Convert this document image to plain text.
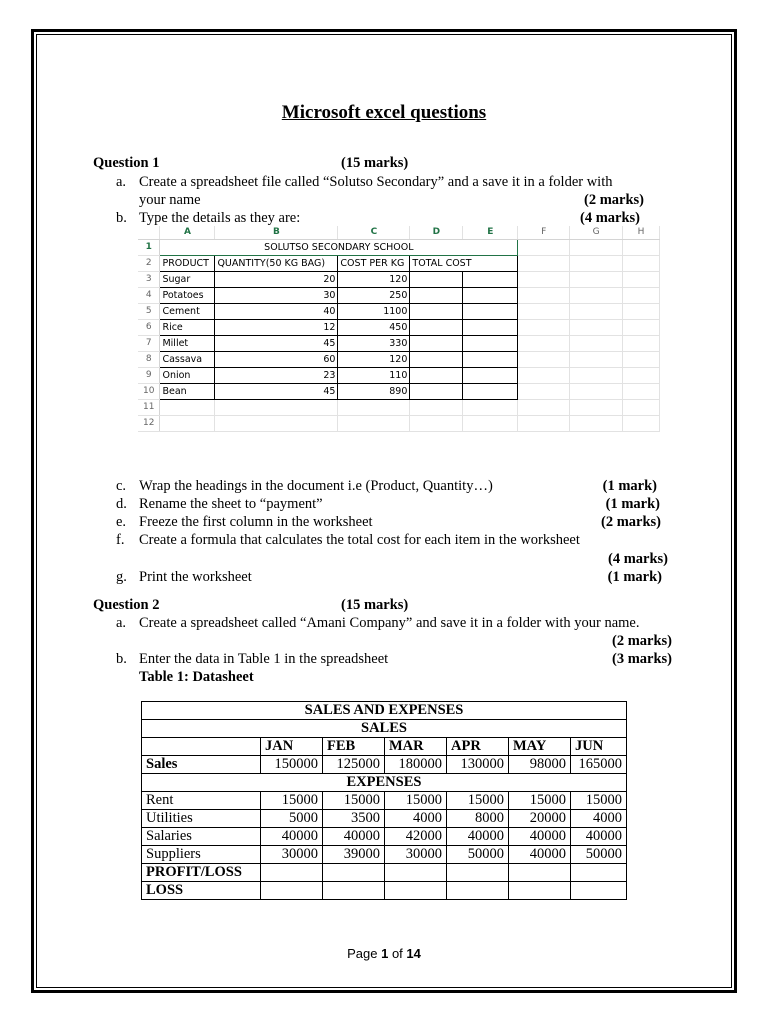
Microsoft excel questions
Question 1	(15 marks)
a. Create a spreadsheet file called “Solutso Secondary” and a save it in a folder with
your name	(2 marks)
b. Type the details as they are:	(4 marks)
	A	B	C	D	E	F	G	H
1	SOLUTSO SECONDARY SCHOOL							
2	PRODUCT	QUANTITY(50 KG BAG)	COST PER KG	TOTAL COST				
3	Sugar	20	120					
4	Potatoes	30	250					
5	Cement	40	1100					
6	Rice	12	450					
7	Millet	45	330					
8	Cassava	60	120					
9	Onion	23	110					
10	Bean	45	890					
11								
12								
c. Wrap the headings in the document i.e (Product, Quantity…)	(1 mark)
d. Rename the sheet to “payment”	(1 mark)
e. Freeze the first column in the worksheet	(2 marks)
f. Create a formula that calculates the total cost for each item in the worksheet
(4 marks)
g. Print the worksheet	(1 mark)
Question 2	(15 marks)
a. Create a spreadsheet called “Amani Company” and save it in a folder with your name.
(2 marks)
b. Enter the data in Table 1 in the spreadsheet	(3 marks)
Table 1: Datasheet
SALES AND EXPENSES						
SALES						
	JAN	FEB	MAR	APR	MAY	JUN
Sales	150000	125000	180000	130000	98000	165000
EXPENSES						
Rent	15000	15000	15000	15000	15000	15000
Utilities	5000	3500	4000	8000	20000	4000
Salaries	40000	40000	42000	40000	40000	40000
Suppliers	30000	39000	30000	50000	40000	50000
PROFIT/LOSS						
LOSS						
Page 1 of 14
